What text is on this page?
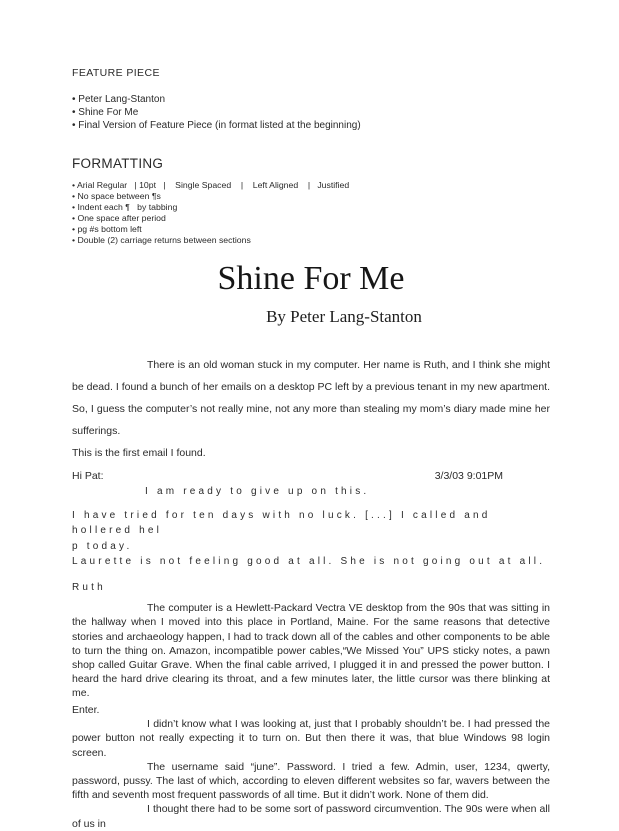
FEATURE PIECE
• Peter Lang-Stanton
• Shine For Me
• Final Version of Feature Piece (in format listed at the beginning)
FORMATTING
• Arial Regular   | 10pt   |    Single Spaced    |    Left Aligned    |   Justified
• No space between ¶s
• Indent each ¶   by tabbing
• One space after period
• pg #s bottom left
• Double (2) carriage returns between sections
Shine For Me
By Peter Lang-Stanton
There is an old woman stuck in my computer. Her name is Ruth, and I think she might be dead. I found a bunch of her emails on a desktop PC left by a previous tenant in my new apartment. So, I guess the computer’s not really mine, not any more than stealing my mom’s diary made mine her sufferings.
This is the first email I found.
Hi Pat:	3/3/03 9:01PM
I am ready to give up on this.
I have tried for ten days with no luck. [...] I called and hollered hel
p today.
Laurette is not feeling good at all. She is not going out at all.
Ruth
The computer is a Hewlett-Packard Vectra VE desktop from the 90s that was sitting in the hallway when I moved into this place in Portland, Maine. For the same reasons that detective stories and archaeology happen, I had to track down all of the cables and other components to be able to turn the thing on. Amazon, incompatible power cables,“We Missed You” UPS sticky notes, a pawn shop called Guitar Grave. When the final cable arrived, I plugged it in and pressed the power button. I heard the hard drive clearing its throat, and a few minutes later, the little cursor was there blinking at me.
Enter.
I didn’t know what I was looking at, just that I probably shouldn’t be. I had pressed the power button not really expecting it to turn on. But then there it was, that blue Windows 98 login screen.
The username said “june”. Password. I tried a few. Admin, user, 1234, qwerty, password, pussy. The last of which, according to eleven different websites so far, wavers between the fifth and seventh most frequent passwords of all time. But it didn’t work. None of them did.
I thought there had to be some sort of password circumvention. The 90s were when all of us in
